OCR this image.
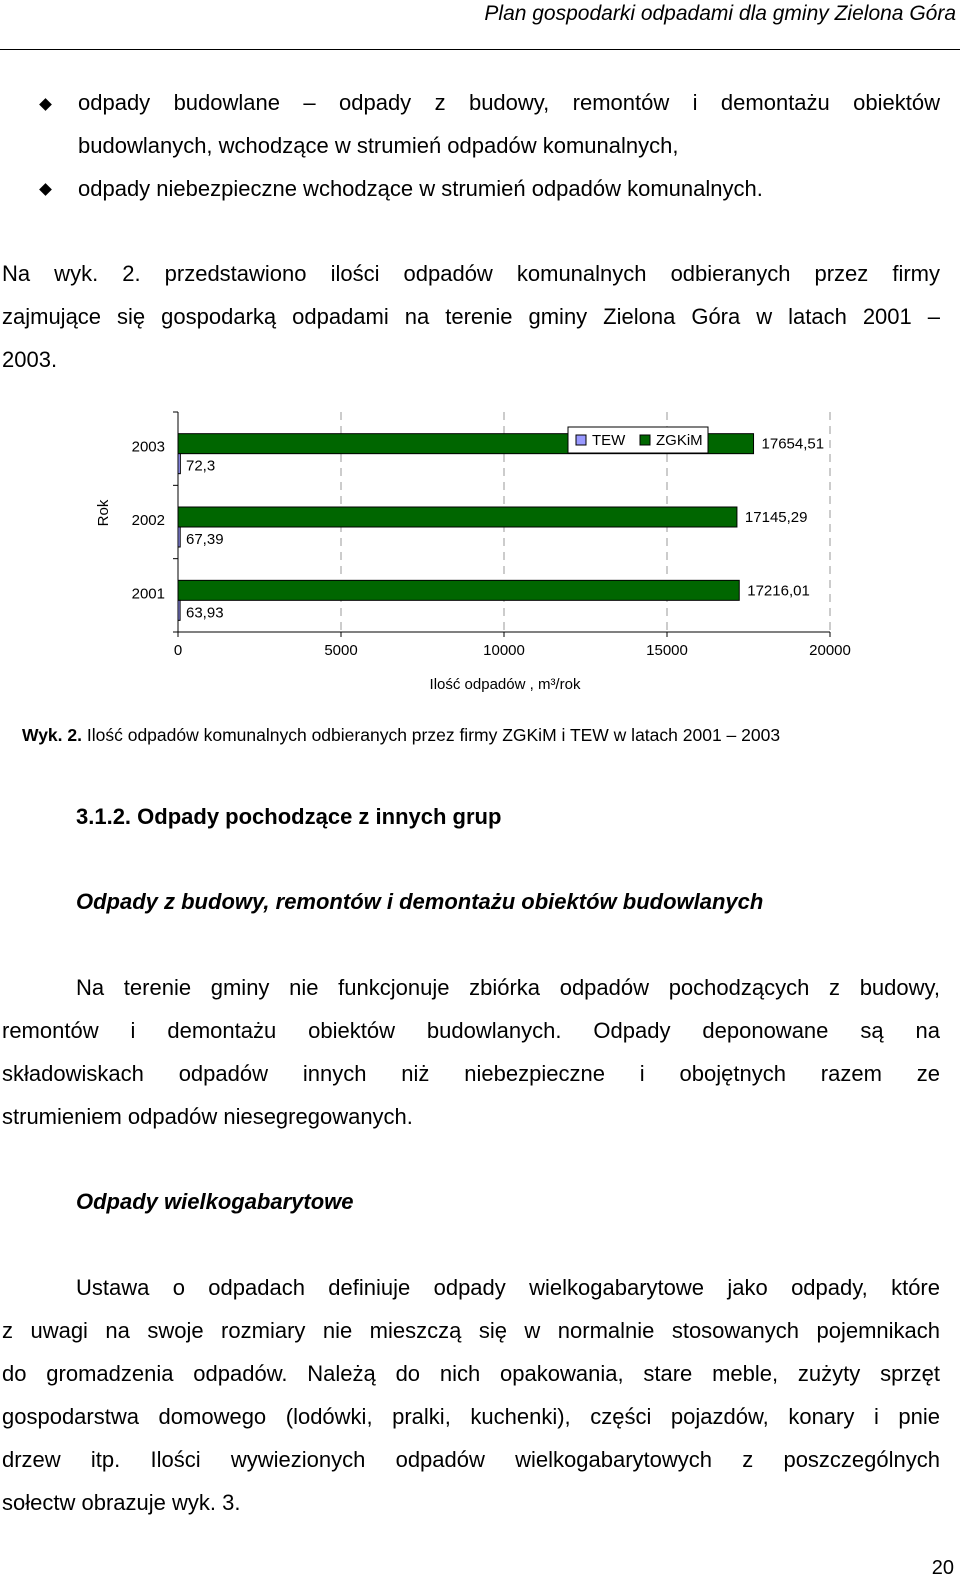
Plan gospodarki odpadami dla gminy Zielona Góra
odpady budowlane – odpady z budowy, remontów i demontażu obiektów
budowlanych, wchodzące w strumień odpadów komunalnych,
odpady niebezpieczne wchodzące w strumień odpadów komunalnych.
Na wyk. 2. przedstawiono ilości odpadów komunalnych odbieranych przez firmy
zajmujące się gospodarką odpadami na terenie gminy Zielona Góra w latach 2001 –
2003.
0	5000	10000	15000	20000
2003	17654,51
72,3
2002	17145,29
67,39
2001	17216,01
63,93
TEW ZGKiM
Ilość odpadów , m³/rok
Rok
Wyk. 2. Ilość odpadów komunalnych odbieranych przez firmy ZGKiM i TEW w latach 2001 – 2003
3.1.2. Odpady pochodzące z innych grup
Odpady z budowy, remontów i demontażu obiektów budowlanych
Na terenie gminy nie funkcjonuje zbiórka odpadów pochodzących z budowy,
remontów i demontażu obiektów budowlanych. Odpady deponowane są na
składowiskach odpadów innych niż niebezpieczne i obojętnych razem ze
strumieniem odpadów niesegregowanych.
Odpady wielkogabarytowe
Ustawa o odpadach definiuje odpady wielkogabarytowe jako odpady, które
z uwagi na swoje rozmiary nie mieszczą się w normalnie stosowanych pojemnikach
do gromadzenia odpadów. Należą do nich opakowania, stare meble, zużyty sprzęt
gospodarstwa domowego (lodówki, pralki, kuchenki), części pojazdów, konary i pnie
drzew itp. Ilości wywiezionych odpadów wielkogabarytowych z poszczególnych
sołectw obrazuje wyk. 3.
20
